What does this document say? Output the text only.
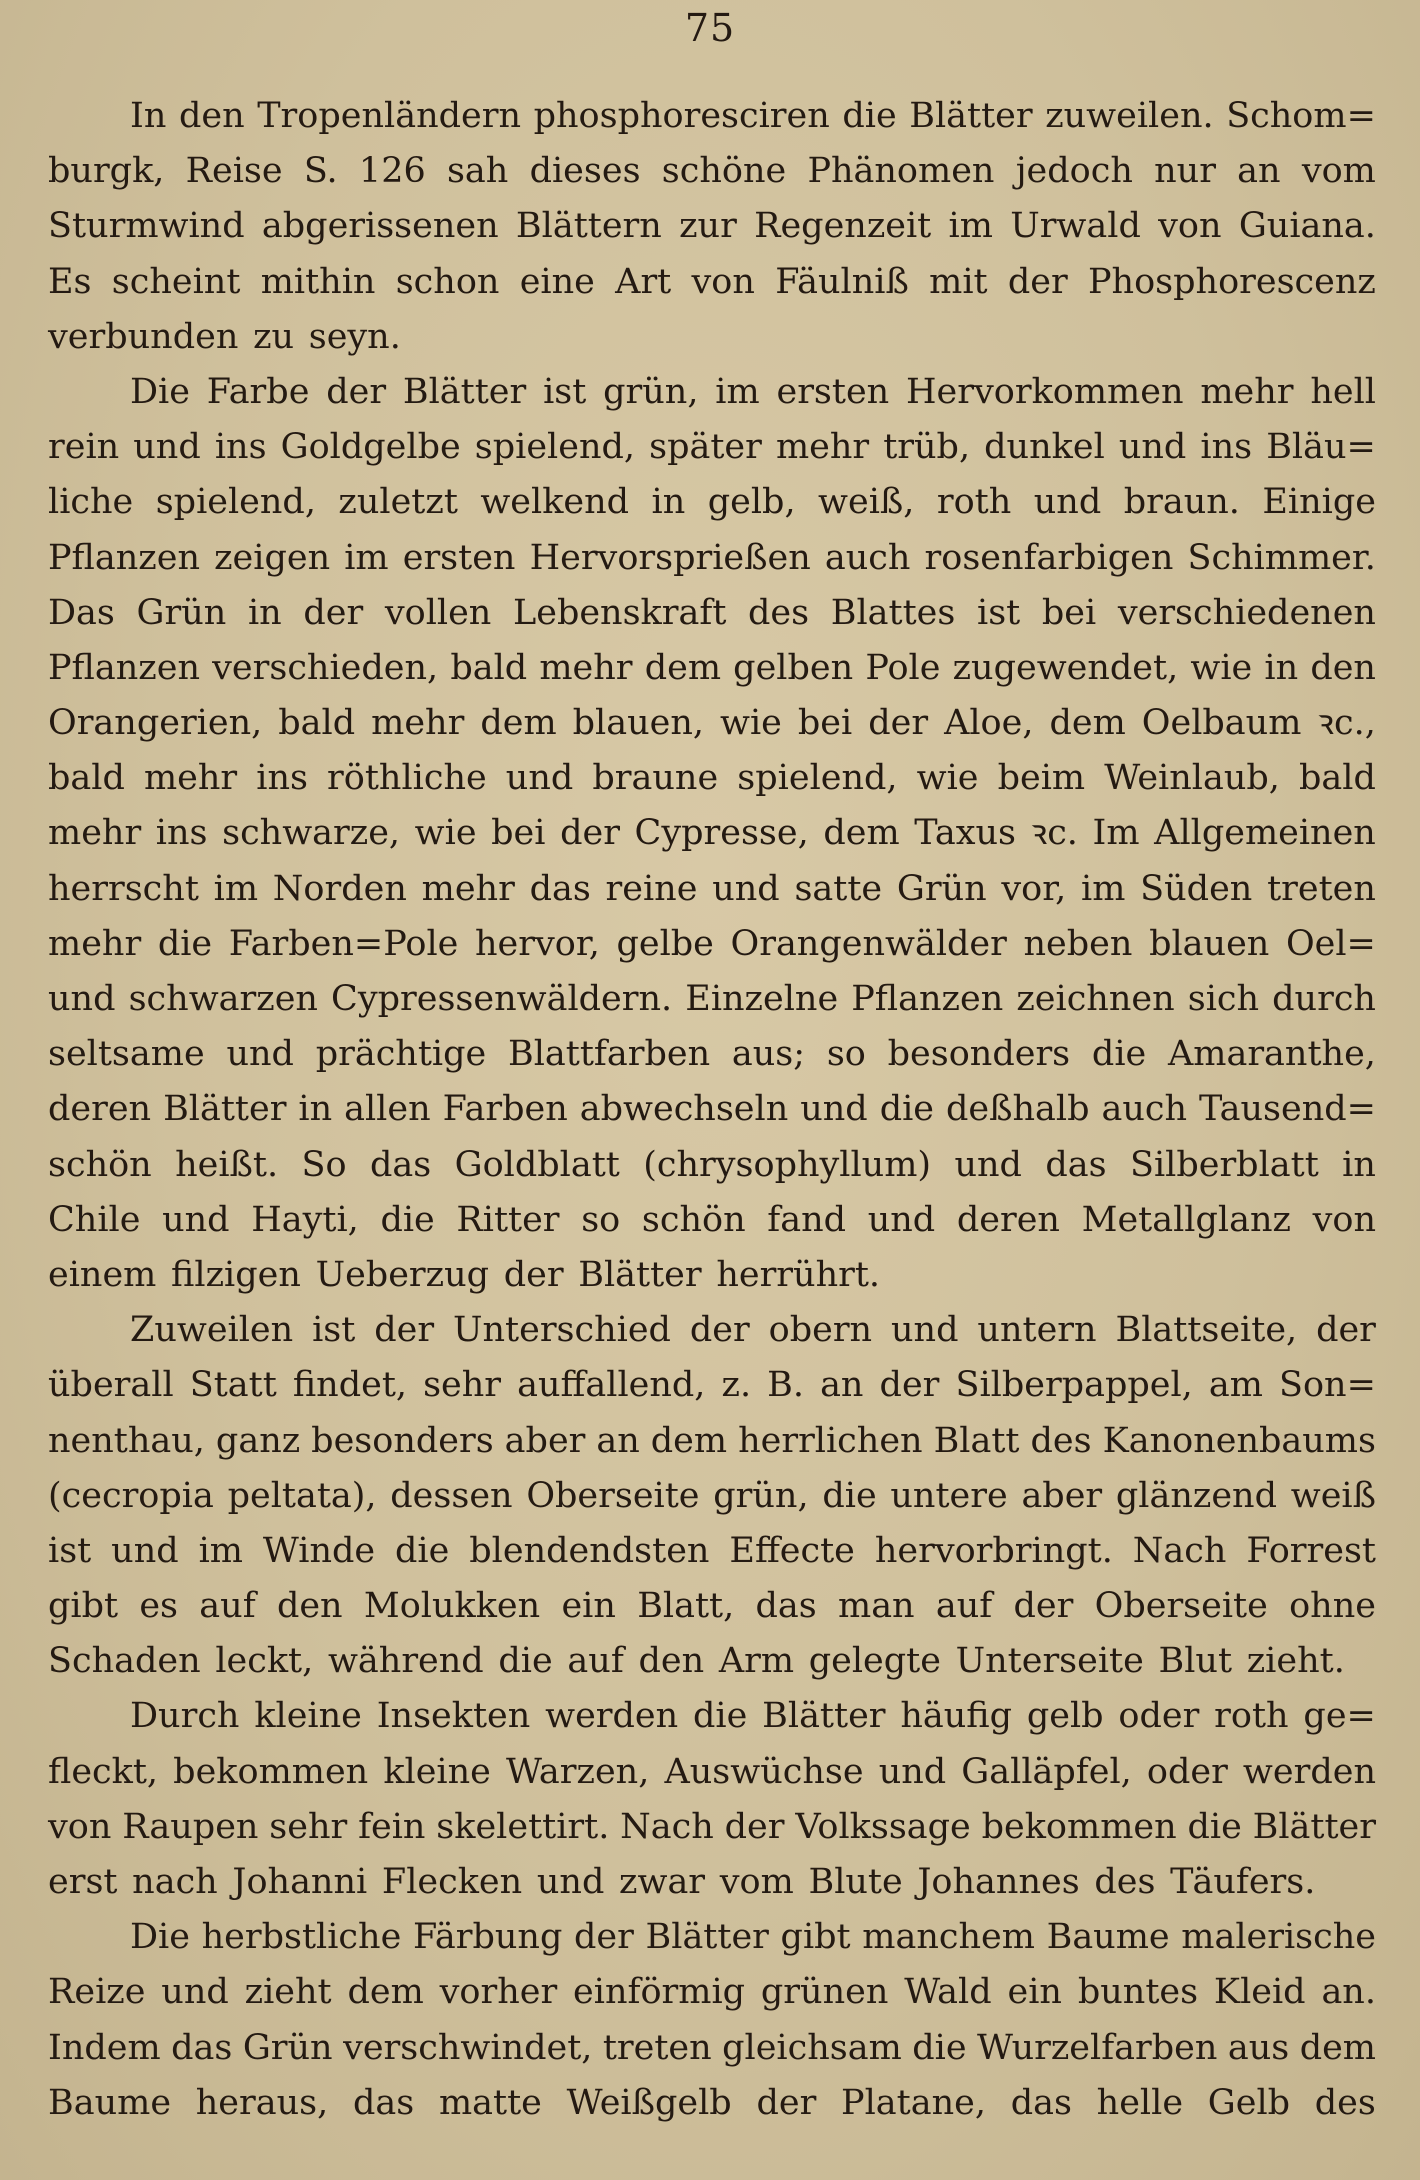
75
In den Tropenländern phosphoresciren die Blätter zuweilen. Schom=
burgk, Reise S. 126 sah dieses schöne Phänomen jedoch nur an vom
Sturmwind abgerissenen Blättern zur Regenzeit im Urwald von Guiana.
Es scheint mithin schon eine Art von Fäulniß mit der Phosphorescenz
verbunden zu seyn.
Die Farbe der Blätter ist grün, im ersten Hervorkommen mehr hell
rein und ins Goldgelbe spielend, später mehr trüb, dunkel und ins Bläu=
liche spielend, zuletzt welkend in gelb, weiß, roth und braun. Einige
Pflanzen zeigen im ersten Hervorsprießen auch rosenfarbigen Schimmer.
Das Grün in der vollen Lebenskraft des Blattes ist bei verschiedenen
Pflanzen verschieden, bald mehr dem gelben Pole zugewendet, wie in den
Orangerien, bald mehr dem blauen, wie bei der Aloe, dem Oelbaum ꝛc.,
bald mehr ins röthliche und braune spielend, wie beim Weinlaub, bald
mehr ins schwarze, wie bei der Cypresse, dem Taxus ꝛc. Im Allgemeinen
herrscht im Norden mehr das reine und satte Grün vor, im Süden treten
mehr die Farben=Pole hervor, gelbe Orangenwälder neben blauen Oel=
und schwarzen Cypressenwäldern. Einzelne Pflanzen zeichnen sich durch
seltsame und prächtige Blattfarben aus; so besonders die Amaranthe,
deren Blätter in allen Farben abwechseln und die deßhalb auch Tausend=
schön heißt. So das Goldblatt (chrysophyllum) und das Silberblatt in
Chile und Hayti, die Ritter so schön fand und deren Metallglanz von
einem filzigen Ueberzug der Blätter herrührt.
Zuweilen ist der Unterschied der obern und untern Blattseite, der
überall Statt findet, sehr auffallend, z. B. an der Silberpappel, am Son=
nenthau, ganz besonders aber an dem herrlichen Blatt des Kanonenbaums
(cecropia peltata), dessen Oberseite grün, die untere aber glänzend weiß
ist und im Winde die blendendsten Effecte hervorbringt. Nach Forrest
gibt es auf den Molukken ein Blatt, das man auf der Oberseite ohne
Schaden leckt, während die auf den Arm gelegte Unterseite Blut zieht.
Durch kleine Insekten werden die Blätter häufig gelb oder roth ge=
fleckt, bekommen kleine Warzen, Auswüchse und Galläpfel, oder werden
von Raupen sehr fein skelettirt. Nach der Volkssage bekommen die Blätter
erst nach Johanni Flecken und zwar vom Blute Johannes des Täufers.
Die herbstliche Färbung der Blätter gibt manchem Baume malerische
Reize und zieht dem vorher einförmig grünen Wald ein buntes Kleid an.
Indem das Grün verschwindet, treten gleichsam die Wurzelfarben aus dem
Baume heraus, das matte Weißgelb der Platane, das helle Gelb des
